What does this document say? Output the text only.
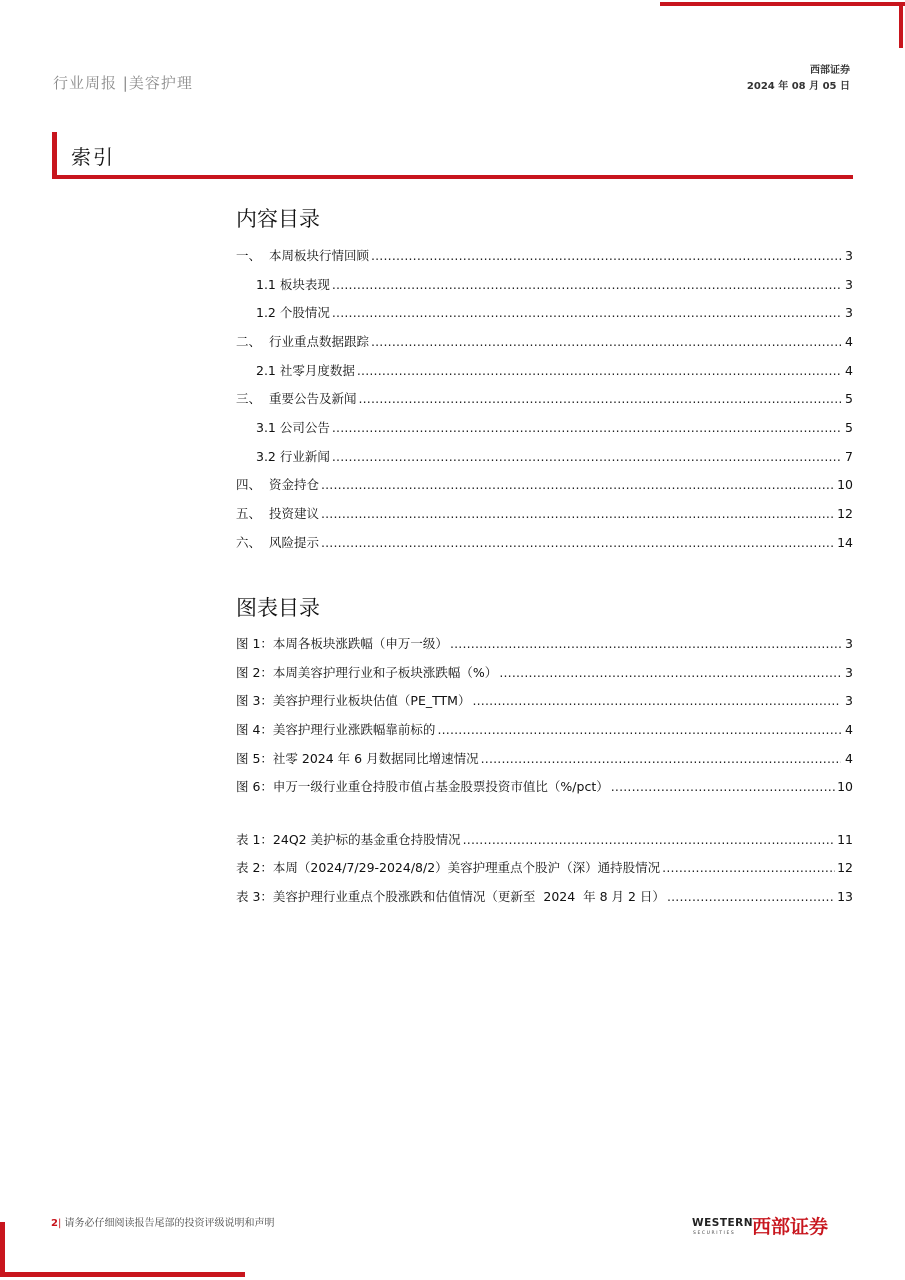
行业周报 |美容护理
西部证券
2024 年 08 月 05 日
索引
内容目录
一、  本周板块行情回顾 .....	3
1.1 板块表现 .....	3
1.2 个股情况 .....	3
二、  行业重点数据跟踪 .....	4
2.1 社零月度数据 .....	4
三、  重要公告及新闻 .....	5
3.1 公司公告 .....	5
3.2 行业新闻 .....	7
四、  资金持仓 .....	10
五、  投资建议 .....	12
六、  风险提示 .....	14
图表目录
图 1：本周各板块涨跌幅（申万一级） .....	3
图 2：本周美容护理行业和子板块涨跌幅（%） .....	3
图 3：美容护理行业板块估值（PE_TTM） .....	3
图 4：美容护理行业涨跌幅靠前标的 .....	4
图 5：社零 2024 年 6 月数据同比增速情况 .....	4
图 6：申万一级行业重仓持股市值占基金股票投资市值比（%/pct） .....	10
表 1：24Q2 美护标的基金重仓持股情况 .....	11
表 2：本周（2024/7/29-2024/8/2）美容护理重点个股沪（深）通持股情况 .....	12
表 3：美容护理行业重点个股涨跌和估值情况（更新至  2024  年 8 月 2 日） .....	13
2| 请务必仔细阅读报告尾部的投资评级说明和声明	WESTERN
SECURITIES 西部证券
